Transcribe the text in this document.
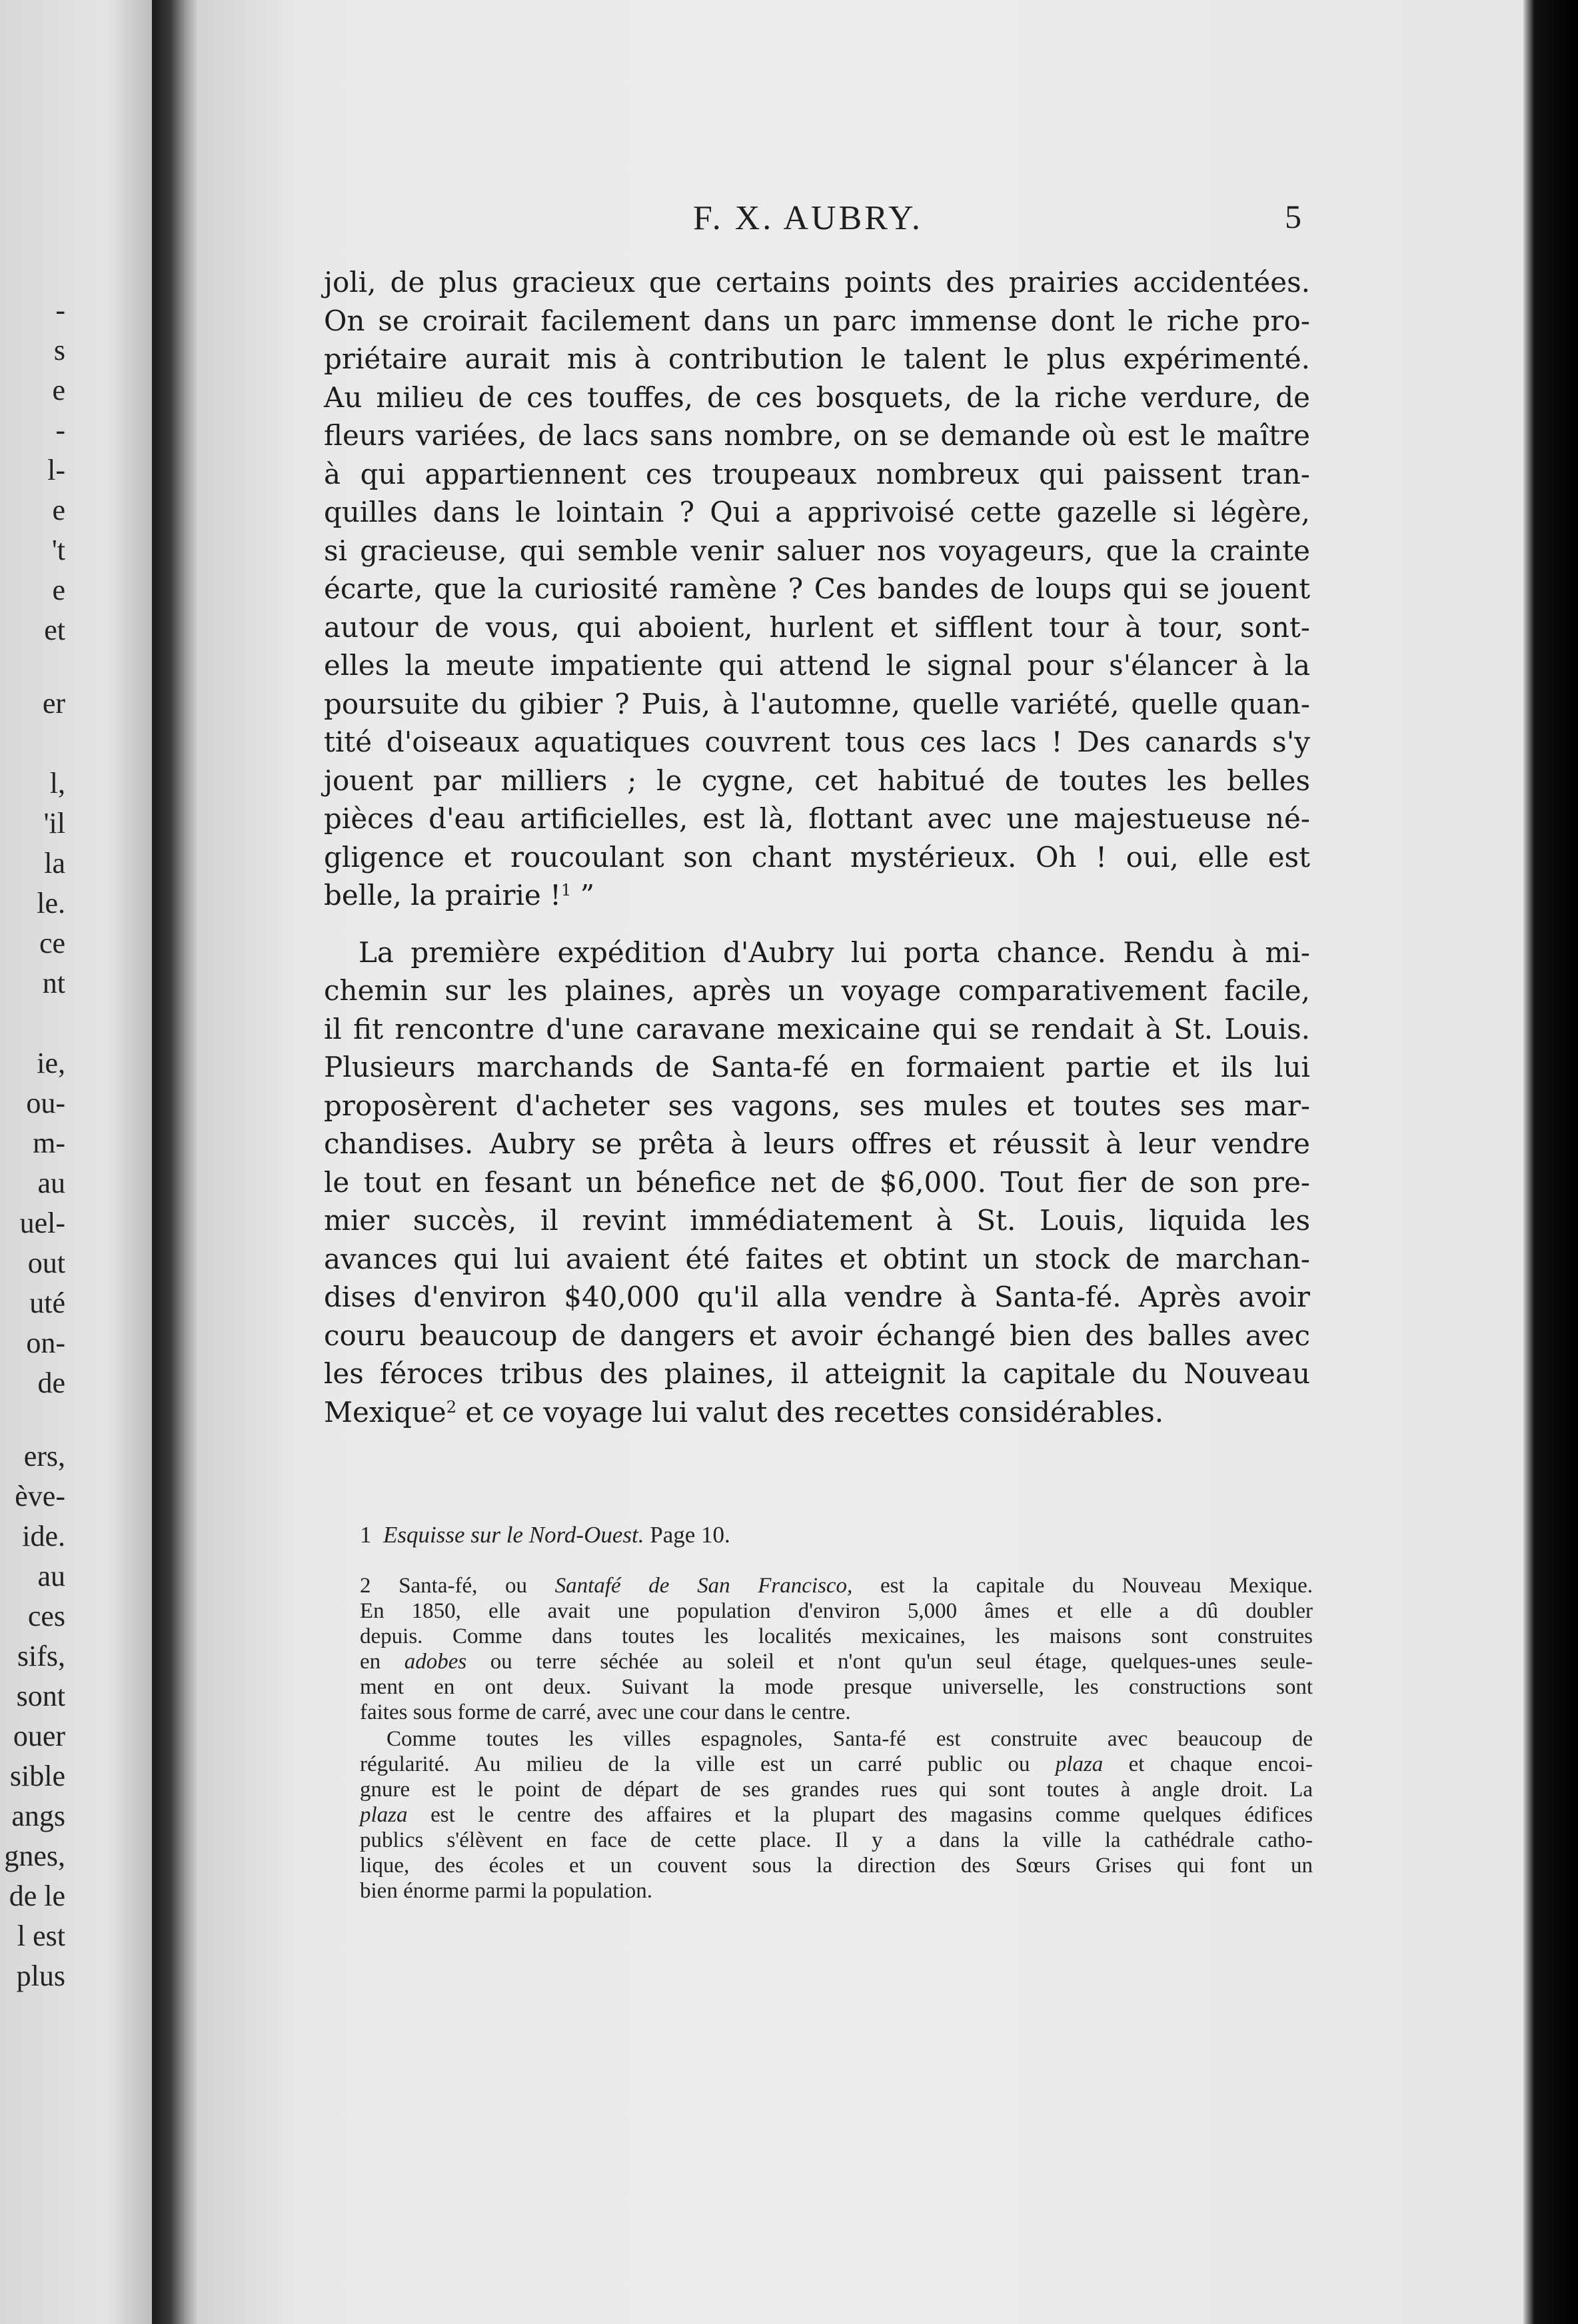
-
s
e
-
l-
e
't
e
et
er
l,
'il
la
le.
ce
nt
ie,
ou-
m-
au
uel-
out
uté
on-
de
ers,
ève-
ide.
au
ces
sifs,
sont
ouer
sible
angs
gnes,
de le
l est
plus
F. X. AUBRY.	5
joli, de plus gracieux que certains points des prairies accidentées.
On se croirait facilement dans un parc immense dont le riche pro-
priétaire aurait mis à contribution le talent le plus expérimenté.
Au milieu de ces touffes, de ces bosquets, de la riche verdure, de
fleurs variées, de lacs sans nombre, on se demande où est le maître
à qui appartiennent ces troupeaux nombreux qui paissent tran-
quilles dans le lointain ? Qui a apprivoisé cette gazelle si légère,
si gracieuse, qui semble venir saluer nos voyageurs, que la crainte
écarte, que la curiosité ramène ? Ces bandes de loups qui se jouent
autour de vous, qui aboient, hurlent et sifflent tour à tour, sont-
elles la meute impatiente qui attend le signal pour s'élancer à la
poursuite du gibier ? Puis, à l'automne, quelle variété, quelle quan-
tité d'oiseaux aquatiques couvrent tous ces lacs ! Des canards s'y
jouent par milliers ; le cygne, cet habitué de toutes les belles
pièces d'eau artificielles, est là, flottant avec une majestueuse né-
gligence et roucoulant son chant mystérieux. Oh ! oui, elle est
belle, la prairie !$^1$ ”
La première expédition d'Aubry lui porta chance. Rendu à mi-
chemin sur les plaines, après un voyage comparativement facile,
il fit rencontre d'une caravane mexicaine qui se rendait à St. Louis.
Plusieurs marchands de Santa-fé en formaient partie et ils lui
proposèrent d'acheter ses vagons, ses mules et toutes ses mar-
chandises. Aubry se prêta à leurs offres et réussit à leur vendre
le tout en fesant un bénefice net de $6,000. Tout fier de son pre-
mier succès, il revint immédiatement à St. Louis, liquida les
avances qui lui avaient été faites et obtint un stock de marchan-
dises d'environ $40,000 qu'il alla vendre à Santa-fé. Après avoir
couru beaucoup de dangers et avoir échangé bien des balles avec
les féroces tribus des plaines, il atteignit la capitale du Nouveau
Mexique$^2$ et ce voyage lui valut des recettes considérables.
1 Esquisse sur le Nord-Ouest. Page 10.
2 Santa-fé, ou Santafé de San Francisco, est la capitale du Nouveau Mexique.
En 1850, elle avait une population d'environ 5,000 âmes et elle a dû doubler
depuis. Comme dans toutes les localités mexicaines, les maisons sont construites
en adobes ou terre séchée au soleil et n'ont qu'un seul étage, quelques-unes seule-
ment en ont deux. Suivant la mode presque universelle, les constructions sont
faites sous forme de carré, avec une cour dans le centre.
Comme toutes les villes espagnoles, Santa-fé est construite avec beaucoup de
régularité. Au milieu de la ville est un carré public ou plaza et chaque encoi-
gnure est le point de départ de ses grandes rues qui sont toutes à angle droit. La
plaza est le centre des affaires et la plupart des magasins comme quelques édifices
publics s'élèvent en face de cette place. Il y a dans la ville la cathédrale catho-
lique, des écoles et un couvent sous la direction des Sœurs Grises qui font un
bien énorme parmi la population.
